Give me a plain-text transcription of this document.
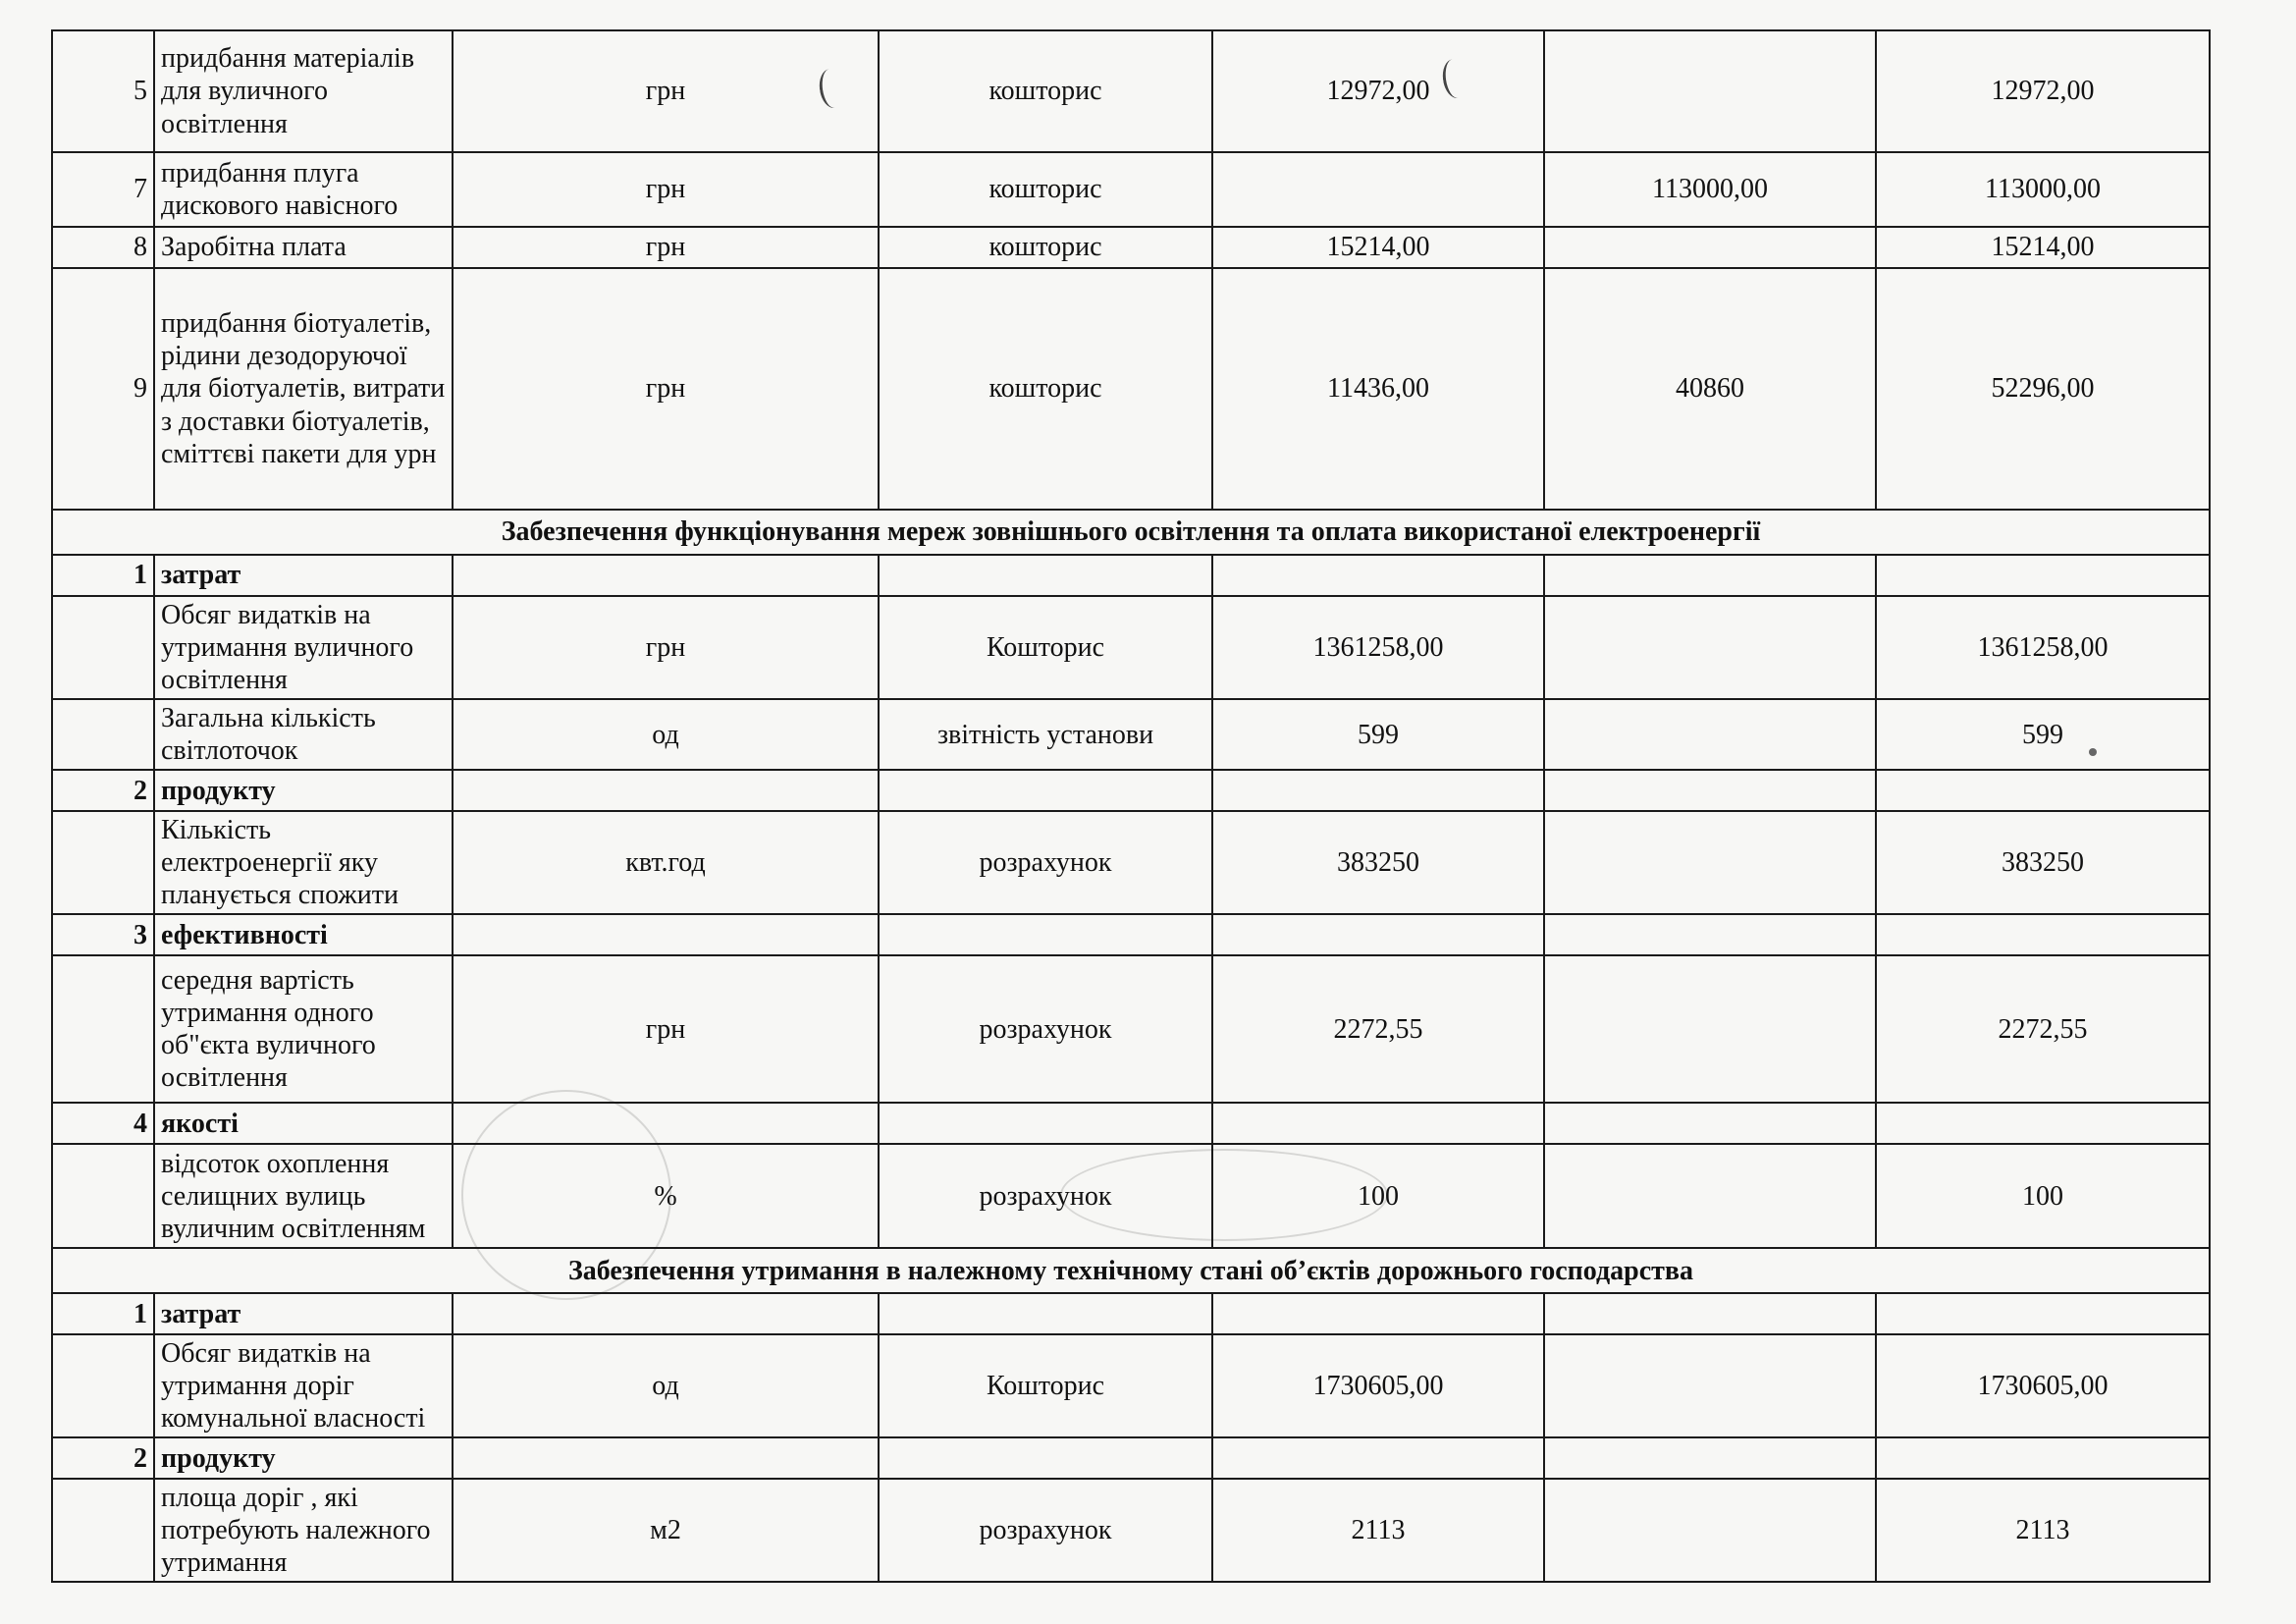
5	придбання матеріалів для вуличного освітлення	грн	кошторис	12972,00		12972,00
7	придбання плуга дискового навісного	грн	кошторис		113000,00	113000,00
8	Заробітна плата	грн	кошторис	15214,00		15214,00
9	придбання біотуалетів, рідини дезодоруючої для біотуалетів, витрати з доставки біотуалетів, сміттєві пакети для урн	грн	кошторис	11436,00	40860	52296,00
Забезпечення функціонування мереж зовнішнього освітлення та оплата використаної електроенергії						
1	затрат					
	Обсяг видатків на утримання вуличного освітлення	грн	Кошторис	1361258,00		1361258,00
	Загальна кількість світлоточок	од	звітність установи	599		599
2	продукту					
	Кількість електроенергії яку планується спожити	квт.год	розрахунок	383250		383250
3	ефективності					
	середня вартість утримання одного об"єкта вуличного освітлення	грн	розрахунок	2272,55		2272,55
4	якості					
	відсоток охоплення селищних вулиць вуличним освітленням	%	розрахунок	100		100
Забезпечення утримання в належному технічному стані об’єктів дорожнього господарства						
1	затрат					
	Обсяг видатків на утримання доріг комунальної власності	од	Кошторис	1730605,00		1730605,00
2	продукту					
	площа доріг , які потребують належного утримання	м2	розрахунок	2113		2113
